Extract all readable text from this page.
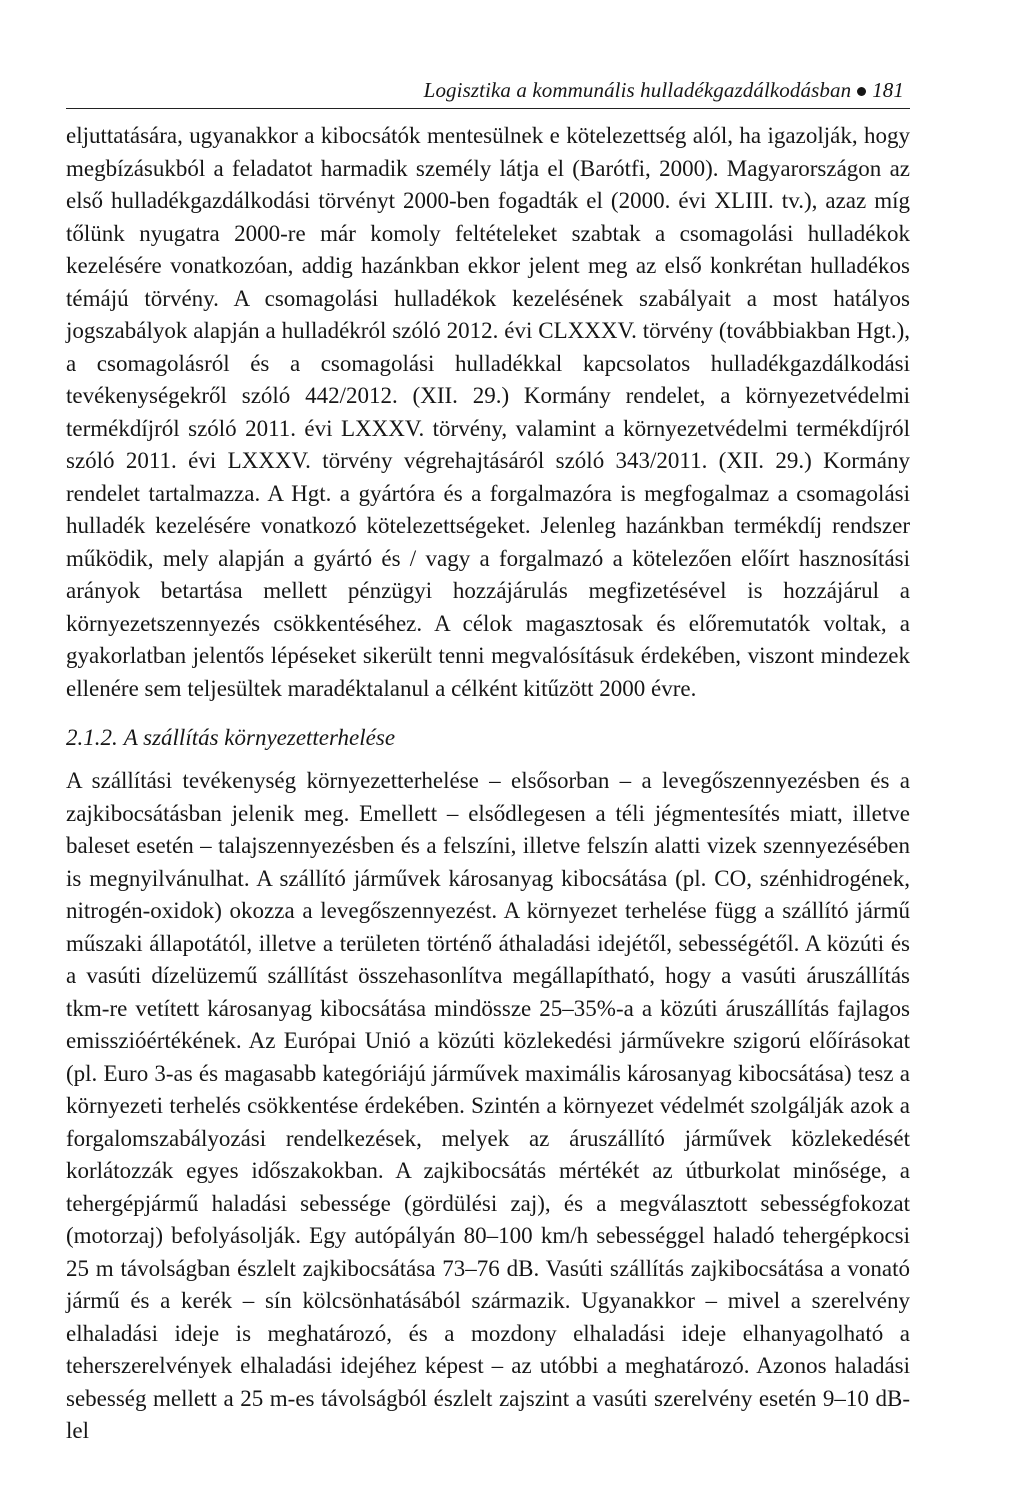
Logisztika a kommunális hulladékgazdálkodásban 181

eljuttatására, ugyanakkor a kibocsátók mentesülnek e kötelezettség alól, ha igazolják, hogy megbízásukból a feladatot harmadik személy látja el (Barótfi, 2000). Magyarországon az első hulladékgazdálkodási törvényt 2000-ben fogadták el (2000. évi XLIII. tv.), azaz míg tőlünk nyugatra 2000-re már komoly feltételeket szabtak a csomagolási hulladékok kezelésére vonatkozóan, addig hazánkban ekkor jelent meg az első konkrétan hulladékos témájú törvény. A csomagolási hulladékok kezelésének szabályait a most hatályos jogszabályok alapján a hulladékról szóló 2012. évi CLXXXV. törvény (továbbiakban Hgt.), a csomagolásról és a csomagolási hulladékkal kapcsolatos hulladékgazdálkodási tevékenységekről szóló 442/2012. (XII. 29.) Kormány rendelet, a környezetvédelmi termékdíjról szóló 2011. évi LXXXV. törvény, valamint a környezetvédelmi termékdíjról szóló 2011. évi LXXXV. törvény végrehajtásáról szóló 343/2011. (XII. 29.) Kormány rendelet tartalmazza. A Hgt. a gyártóra és a forgalmazóra is megfogalmaz a csomagolási hulladék kezelésére vonatkozó kötelezettségeket. Jelenleg hazánkban termékdíj rendszer működik, mely alapján a gyártó és / vagy a forgalmazó a kötelezően előírt hasznosítási arányok betartása mellett pénzügyi hozzájárulás megfizetésével is hozzájárul a környezetszennyezés csökkentéséhez. A célok magasztosak és előremutatók voltak, a gyakorlatban jelentős lépéseket sikerült tenni megvalósításuk érdekében, viszont mindezek ellenére sem teljesültek maradéktalanul a célként kitűzött 2000 évre.

2.1.2. A szállítás környezetterhelése

A szállítási tevékenység környezetterhelése – elsősorban – a levegőszennyezésben és a zajkibocsátásban jelenik meg. Emellett – elsődlegesen a téli jégmentesítés miatt, illetve baleset esetén – talajszennyezésben és a felszíni, illetve felszín alatti vizek szennyezésében is megnyilvánulhat. A szállító járművek károsanyag kibocsátása (pl. CO, szénhidrogének, nitrogén-oxidok) okozza a levegőszennyezést. A környezet terhelése függ a szállító jármű műszaki állapotától, illetve a területen történő áthaladási idejétől, sebességétől. A közúti és a vasúti dízelüzemű szállítást összehasonlítva megállapítható, hogy a vasúti áruszállítás tkm-re vetített károsanyag kibocsátása mindössze 25–35%-a a közúti áruszállítás fajlagos emisszióértékének. Az Európai Unió a közúti közlekedési járművekre szigorú előírásokat (pl. Euro 3-as és magasabb kategóriájú járművek maximális károsanyag kibocsátása) tesz a környezeti terhelés csökkentése érdekében. Szintén a környezet védelmét szolgálják azok a forgalomszabályozási rendelkezések, melyek az áruszállító járművek közlekedését korlátozzák egyes időszakokban. A zajkibocsátás mértékét az útburkolat minősége, a tehergépjármű haladási sebessége (gördülési zaj), és a megválasztott sebességfokozat (motorzaj) befolyásolják. Egy autópályán 80–100 km/h sebességgel haladó tehergépkocsi 25 m távolságban észlelt zajkibocsátása 73–76 dB. Vasúti szállítás zajkibocsátása a vonató jármű és a kerék – sín kölcsönhatásából származik. Ugyanakkor – mivel a szerelvény elhaladási ideje is meghatározó, és a mozdony elhaladási ideje elhanyagolható a teherszerelvények elhaladási idejéhez képest – az utóbbi a meghatározó. Azonos haladási sebesség mellett a 25 m-es távolságból észlelt zajszint a vasúti szerelvény esetén 9–10 dB-lel
